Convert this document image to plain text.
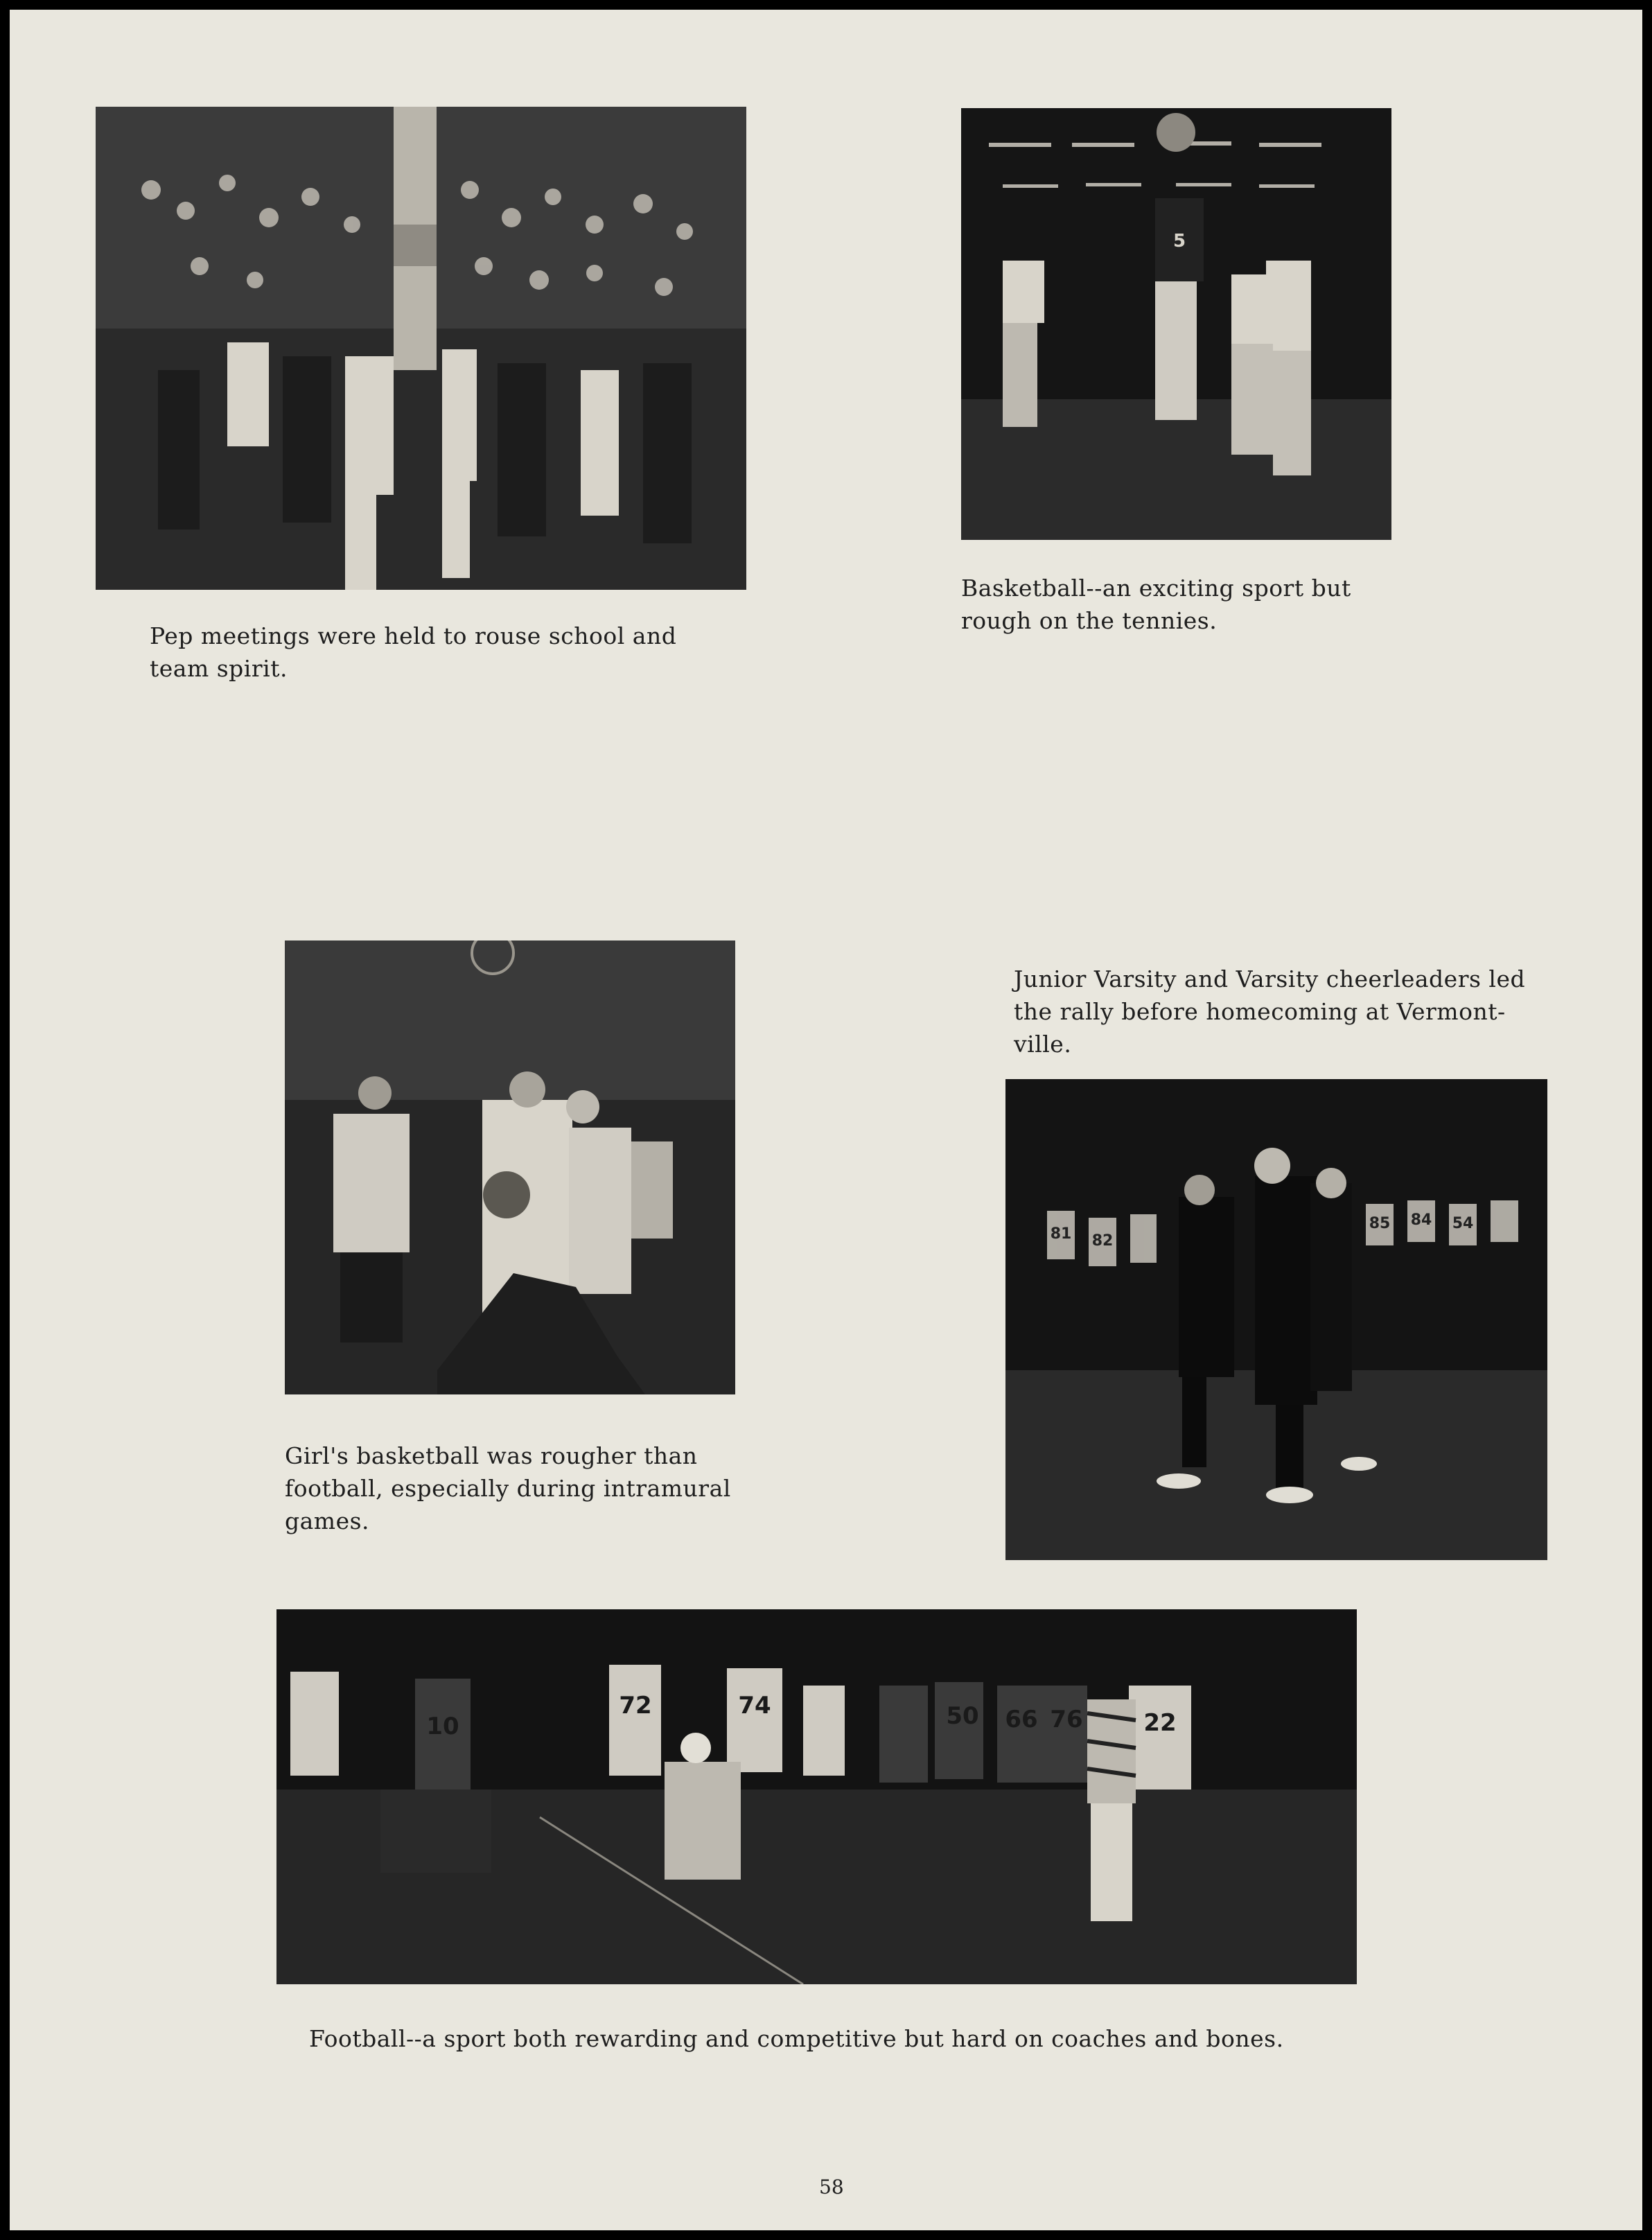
Pep meetings were held to rouse school and
team spirit.
5
44
Basketball--an exciting sport but
rough on the tennies.
Girl's basketball was rougher than
football, especially during intramural
games.
Junior Varsity and Varsity cheerleaders led
the rally before homecoming at Vermont-
ville.
81 82
85 84 54
10
72	74	50 66 76	22
Football--a sport both rewarding and competitive but hard on coaches and bones.
58
